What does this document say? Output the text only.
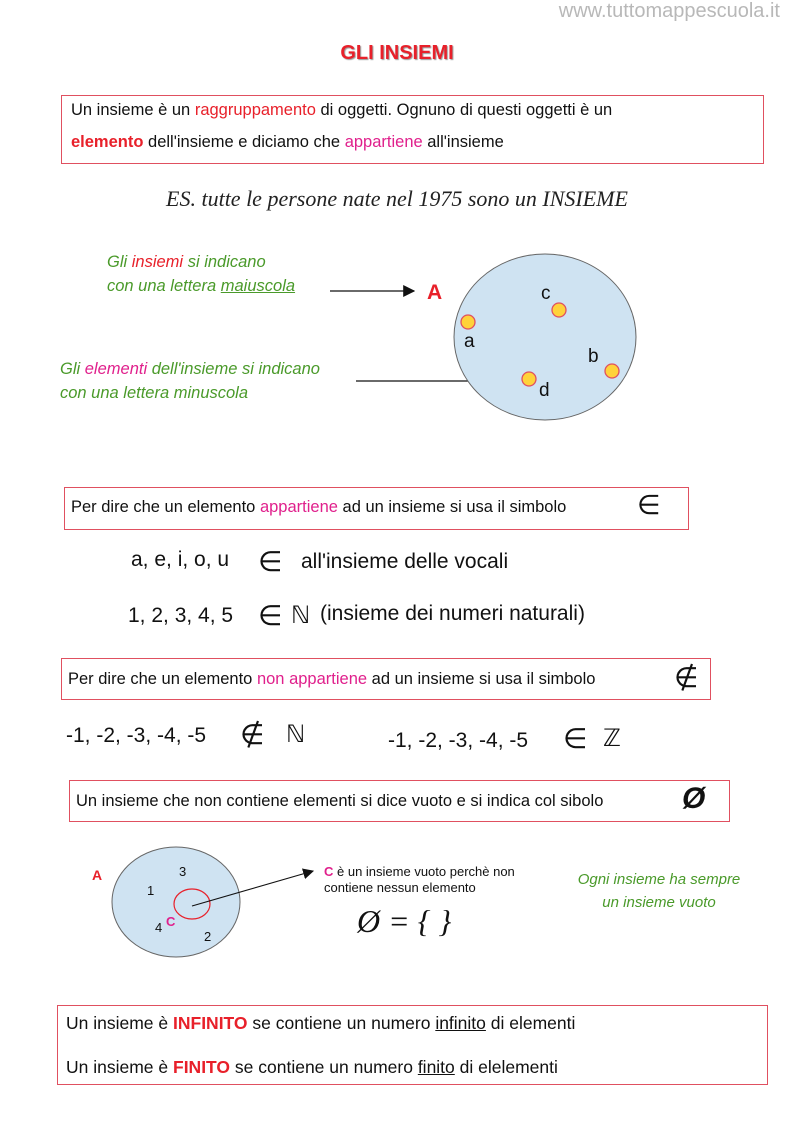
www.tuttomappescuola.it
GLI INSIEMI
Un insieme è un raggruppamento di oggetti. Ognuno di questi oggetti è un
elemento dell'insieme e diciamo che appartiene all'insieme
ES. tutte le persone nate nel 1975 sono un INSIEME
Gli insiemi si indicano
con una lettera maiuscola
Gli elementi dell'insieme si indicano
con una lettera minuscola
A	c
a
b
d
Per dire che un elemento appartiene ad un insieme si usa il simbolo	∈
a, e, i, o, u ∈ all'insieme delle vocali
1, 2, 3, 4, 5 ∈ ℕ (insieme dei numeri naturali)
Per dire che un elemento non appartiene ad un insieme si usa il simbolo	∉
-1, -2, -3, -4, -5 ∉ ℕ	-1, -2, -3, -4, -5 ∈ ℤ
Un insieme che non contiene elementi si dice vuoto e si indica col sibolo	Ø
A	3
1
4
2
C
C è un insieme vuoto perchè non
contiene nessun elemento
Ø = { }
Ogni insieme ha sempre
un insieme vuoto
Un insieme è INFINITO se contiene un numero infinito di elementi
Un insieme è FINITO se contiene un numero finito di elelementi
